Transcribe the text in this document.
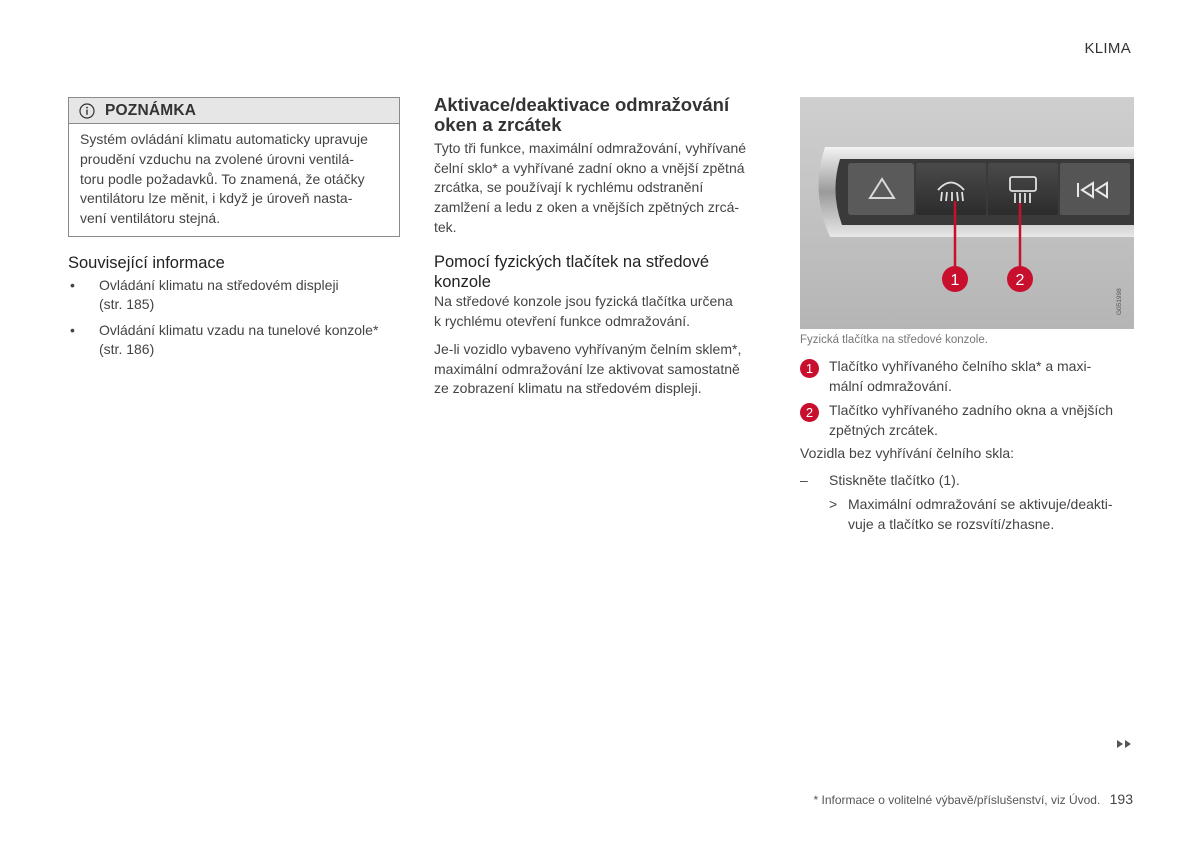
KLIMA
POZNÁMKA
Systém ovládání klimatu automaticky upravuje
proudění vzduchu na zvolené úrovni ventilá-
toru podle požadavků. To znamená, že otáčky
ventilátoru lze měnit, i když je úroveň nasta-
vení ventilátoru stejná.
Související informace
• Ovládání klimatu na středovém displeji
(str. 185)
• Ovládání klimatu vzadu na tunelové konzole*
(str. 186)
Aktivace/deaktivace odmražování
oken a zrcátek
Tyto tři funkce, maximální odmražování, vyhřívané
čelní sklo* a vyhřívané zadní okno a vnější zpětná
zrcátka, se používají k rychlému odstranění
zamlžení a ledu z oken a vnějších zpětných zrcá-
tek.
Pomocí fyzických tlačítek na středové
konzole
Na středové konzole jsou fyzická tlačítka určena
k rychlému otevření funkce odmražování.
Je-li vozidlo vybaveno vyhřívaným čelním sklem*,
maximální odmražování lze aktivovat samostatně
ze zobrazení klimatu na středovém displeji.
1	2
G051998
Fyzická tlačítka na středové konzole.
1 Tlačítko vyhřívaného čelního skla* a maxi-
mální odmražování.
2 Tlačítko vyhřívaného zadního okna a vnějších
zpětných zrcátek.
Vozidla bez vyhřívání čelního skla:
– Stiskněte tlačítko (1).
> Maximální odmražování se aktivuje/deakti-
vuje a tlačítko se rozsvítí/zhasne.
* Informace o volitelné výbavě/příslušenství, viz Úvod. 193
